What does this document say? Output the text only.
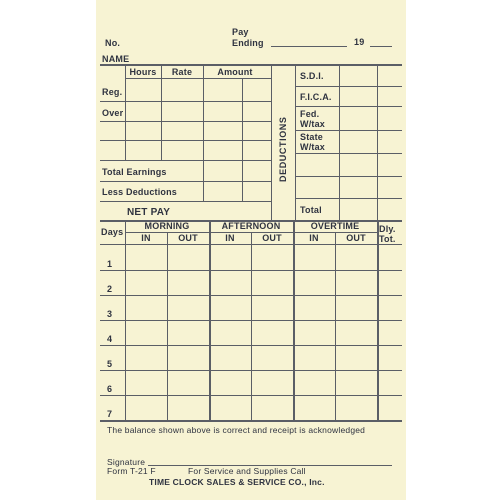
No.
Pay
Ending	19
NAME
Hours	Rate	Amount
Reg.
Over
Total Earnings
Less Deductions
NET PAY
DEDUCTIONS
S.D.I.
F.I.C.A.
Fed.
W/tax
State
W/tax
Total
Days
MORNING	AFTERNOON	OVERTIME	Dly.
Tot.
IN	OUT	IN	OUT	IN	OUT
1
2
3
4
5
6
7
The balance shown above is correct and receipt is acknowledged
Signature
Form T-21 F	For Service and Supplies Call
TIME CLOCK SALES & SERVICE CO., Inc.
